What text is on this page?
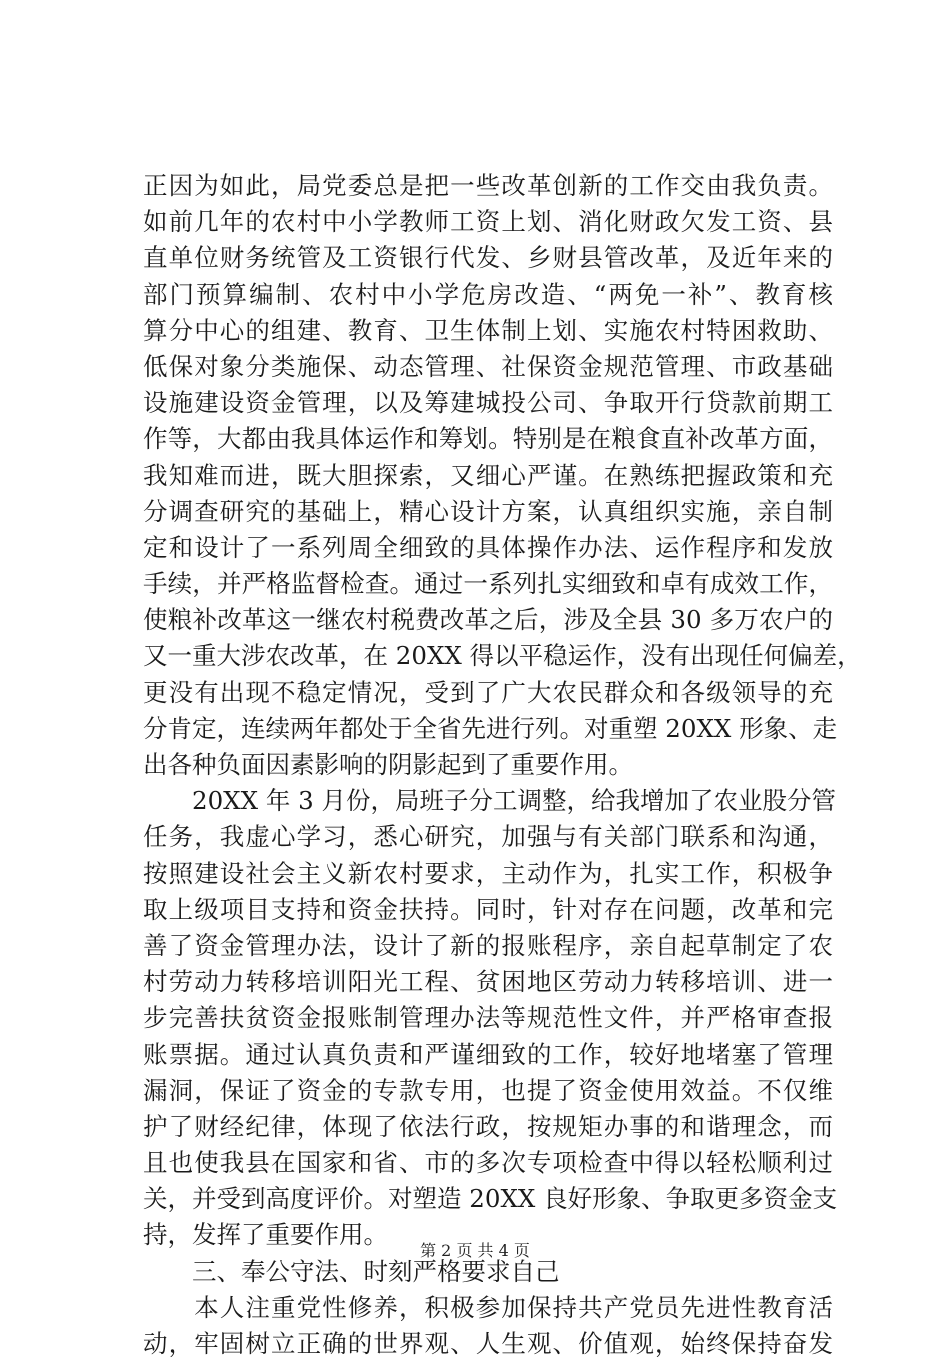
正因为如此，局党委总是把一些改革创新的工作交由我负责。
如前几年的农村中小学教师工资上划、消化财政欠发工资、县
直单位财务统管及工资银行代发、乡财县管改革，及近年来的
部门预算编制、农村中小学危房改造、“两免一补”、教育核
算分中心的组建、教育、卫生体制上划、实施农村特困救助、
低保对象分类施保、动态管理、社保资金规范管理、市政基础
设施建设资金管理，以及筹建城投公司、争取开行贷款前期工
作等，大都由我具体运作和筹划。特别是在粮食直补改革方面，
我知难而进，既大胆探索，又细心严谨。在熟练把握政策和充
分调查研究的基础上，精心设计方案，认真组织实施，亲自制
定和设计了一系列周全细致的具体操作办法、运作程序和发放
手续，并严格监督检查。通过一系列扎实细致和卓有成效工作，
使粮补改革这一继农村税费改革之后，涉及全县 30 多万农户的
又一重大涉农改革，在 20XX 得以平稳运作，没有出现任何偏差，
更没有出现不稳定情况，受到了广大农民群众和各级领导的充
分肯定，连续两年都处于全省先进行列。对重塑 20XX 形象、走
出各种负面因素影响的阴影起到了重要作用。
　　20XX 年 3 月份，局班子分工调整，给我增加了农业股分管
任务，我虚心学习，悉心研究，加强与有关部门联系和沟通，
按照建设社会主义新农村要求，主动作为，扎实工作，积极争
取上级项目支持和资金扶持。同时，针对存在问题，改革和完
善了资金管理办法，设计了新的报账程序，亲自起草制定了农
村劳动力转移培训阳光工程、贫困地区劳动力转移培训、进一
步完善扶贫资金报账制管理办法等规范性文件，并严格审查报
账票据。通过认真负责和严谨细致的工作，较好地堵塞了管理
漏洞，保证了资金的专款专用，也提了资金使用效益。不仅维
护了财经纪律，体现了依法行政，按规矩办事的和谐理念，而
且也使我县在国家和省、市的多次专项检查中得以轻松顺利过
关，并受到高度评价。对塑造 20XX 良好形象、争取更多资金支
持，发挥了重要作用。
　　三、奉公守法、时刻严格要求自己
　　本人注重党性修养，积极参加保持共产党员先进性教育活
动，牢固树立正确的世界观、人生观、价值观，始终保持奋发
第 2 页 共 4 页
